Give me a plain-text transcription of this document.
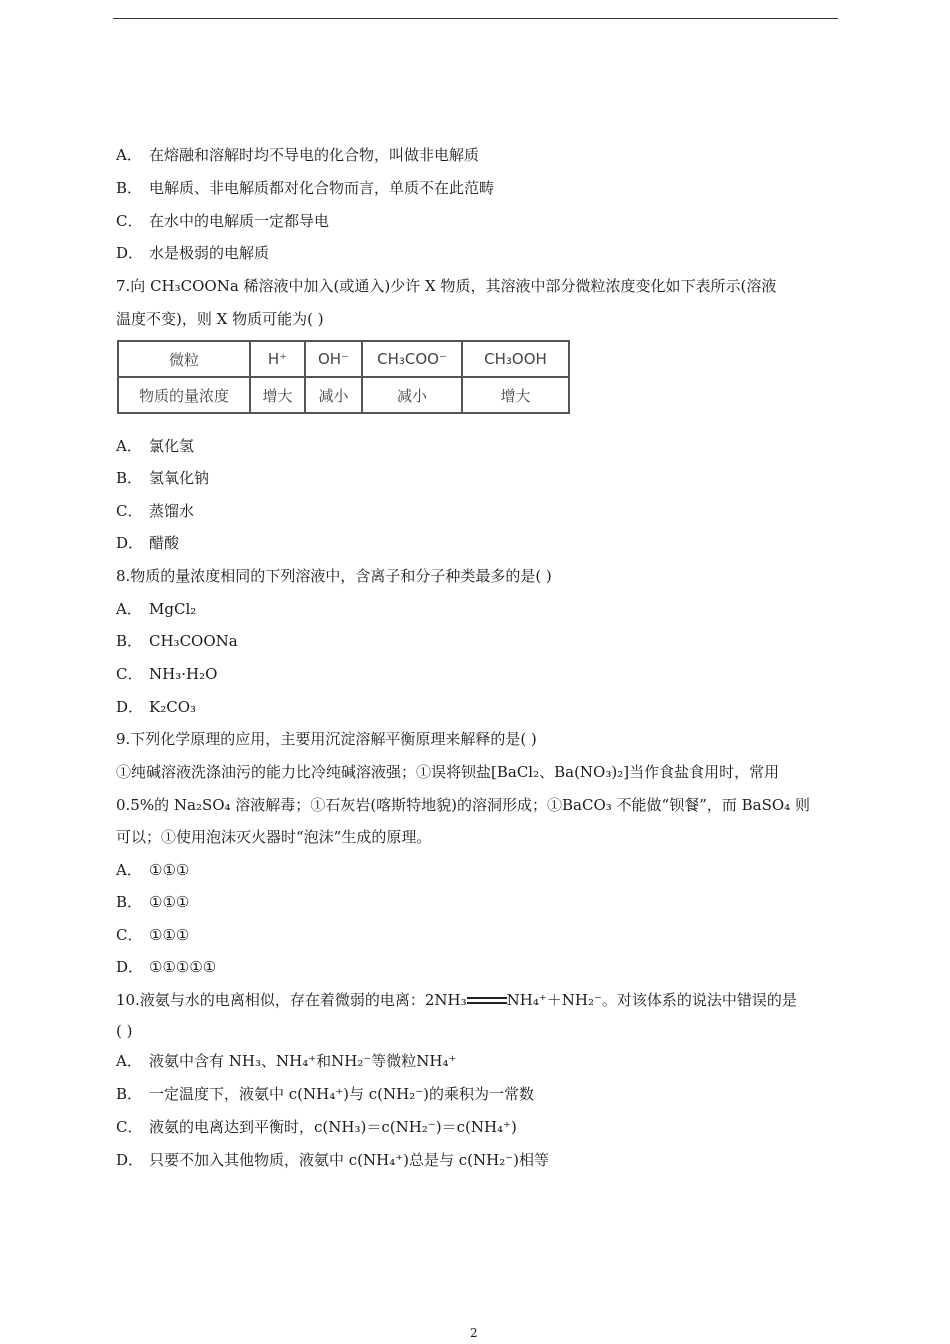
A． 在熔融和溶解时均不导电的化合物，叫做非电解质
B． 电解质、非电解质都对化合物而言，单质不在此范畴
C． 在水中的电解质一定都导电
D． 水是极弱的电解质
7.向 CH₃COONa 稀溶液中加入(或通入)少许 X 物质，其溶液中部分微粒浓度变化如下表所示(溶液
温度不变)，则 X 物质可能为( )
微粒	H⁺	OH⁻	CH₃COO⁻	CH₃OOH
物质的量浓度	增大	减小	减小	增大
A． 氯化氢
B． 氢氧化钠
C． 蒸馏水
D． 醋酸
8.物质的量浓度相同的下列溶液中，含离子和分子种类最多的是( )
A． MgCl₂
B． CH₃COONa
C． NH₃·H₂O
D． K₂CO₃
9.下列化学原理的应用，主要用沉淀溶解平衡原理来解释的是( )
①纯碱溶液洗涤油污的能力比冷纯碱溶液强；①误将钡盐[BaCl₂、Ba(NO₃)₂]当作食盐食用时，常用
0.5%的 Na₂SO₄ 溶液解毒；①石灰岩(喀斯特地貌)的溶洞形成；①BaCO₃ 不能做“钡餐”，而 BaSO₄ 则
可以；①使用泡沫灭火器时“泡沫”生成的原理。
A． ①①①
B． ①①①
C． ①①①
D． ①①①①①
10.液氨与水的电离相似，存在着微弱的电离：2NH₃	NH₄⁺＋NH₂⁻。对该体系的说法中错误的是
( )
A． 液氨中含有 NH₃、NH₄⁺和NH₂⁻等微粒NH₄⁺
B． 一定温度下，液氨中 c(NH₄⁺)与 c(NH₂⁻)的乘积为一常数
C． 液氨的电离达到平衡时，c(NH₃)＝c(NH₂⁻)＝c(NH₄⁺)
D． 只要不加入其他物质，液氨中 c(NH₄⁺)总是与 c(NH₂⁻)相等
2
